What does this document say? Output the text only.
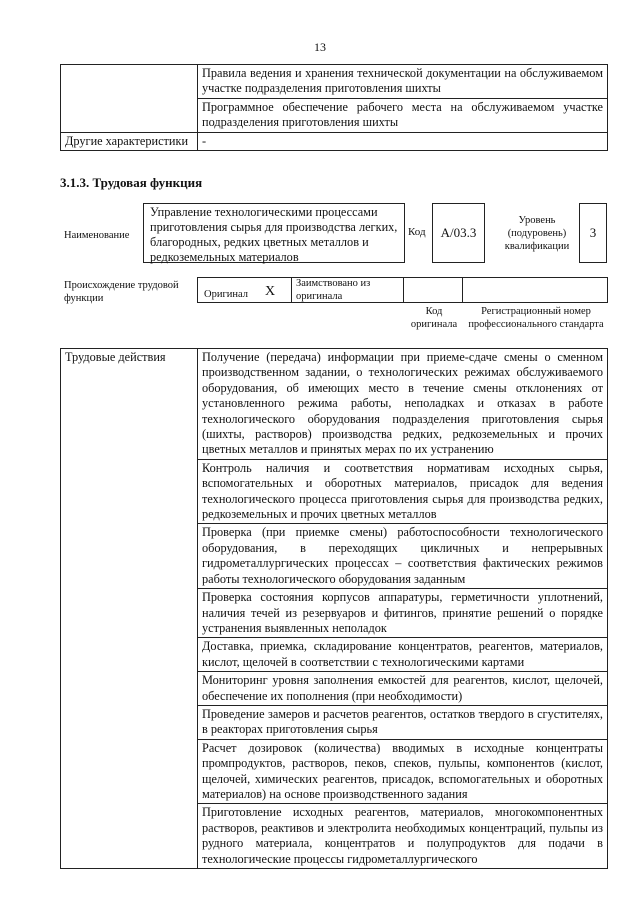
13
	Правила ведения и хранения технической документации на обслуживаемом участке подразделения приготовления шихты
	Программное обеспечение рабочего места на обслуживаемом участке подразделения приготовления шихты
Другие характеристики	-
3.1.3. Трудовая функция
Наименование
Управление технологическими процессами приготовления сырья для производства легких, благородных, редких цветных металлов и редкоземельных материалов
Код	A/03.3
Уровень (подуровень) квалификации
3
Происхождение трудовой функции	Оригинал X
Заимствовано из оригинала
Код оригинала
Регистрационный номер профессионального стандарта
Трудовые действия	Получение (передача) информации при приеме-сдаче смены о сменном производственном задании, о технологических режимах обслуживаемого оборудования, об имеющих место в течение смены отклонениях от установленного режима работы, неполадках и отказах в работе технологического оборудования подразделения приготовления сырья (шихты, растворов) производства редких, редкоземельных и прочих цветных металлов и принятых мерах по их устранению
Контроль наличия и соответствия нормативам исходных сырья, вспомогательных и оборотных материалов, присадок для ведения технологического процесса приготовления сырья для производства редких, редкоземельных и прочих цветных металлов
Проверка (при приемке смены) работоспособности технологического оборудования, в переходящих цикличных и непрерывных гидрометаллургических процессах – соответствия фактических режимов работы технологического оборудования заданным
Проверка состояния корпусов аппаратуры, герметичности уплотнений, наличия течей из резервуаров и фитингов, принятие решений о порядке устранения выявленных неполадок
Доставка, приемка, складирование концентратов, реагентов, материалов, кислот, щелочей в соответствии с технологическими картами
Мониторинг уровня заполнения емкостей для реагентов, кислот, щелочей, обеспечение их пополнения (при необходимости)
Проведение замеров и расчетов реагентов, остатков твердого в сгустителях, в реакторах приготовления сырья
Расчет дозировок (количества) вводимых в исходные концентраты промпродуктов, растворов, пеков, спеков, пульпы, компонентов (кислот, щелочей, химических реагентов, присадок, вспомогательных и оборотных материалов) на основе производственного задания
Приготовление исходных реагентов, материалов, многокомпонентных растворов, реактивов и электролита необходимых концентраций, пульпы из рудного материала, концентратов и полупродуктов для подачи в технологические процессы гидрометаллургического
